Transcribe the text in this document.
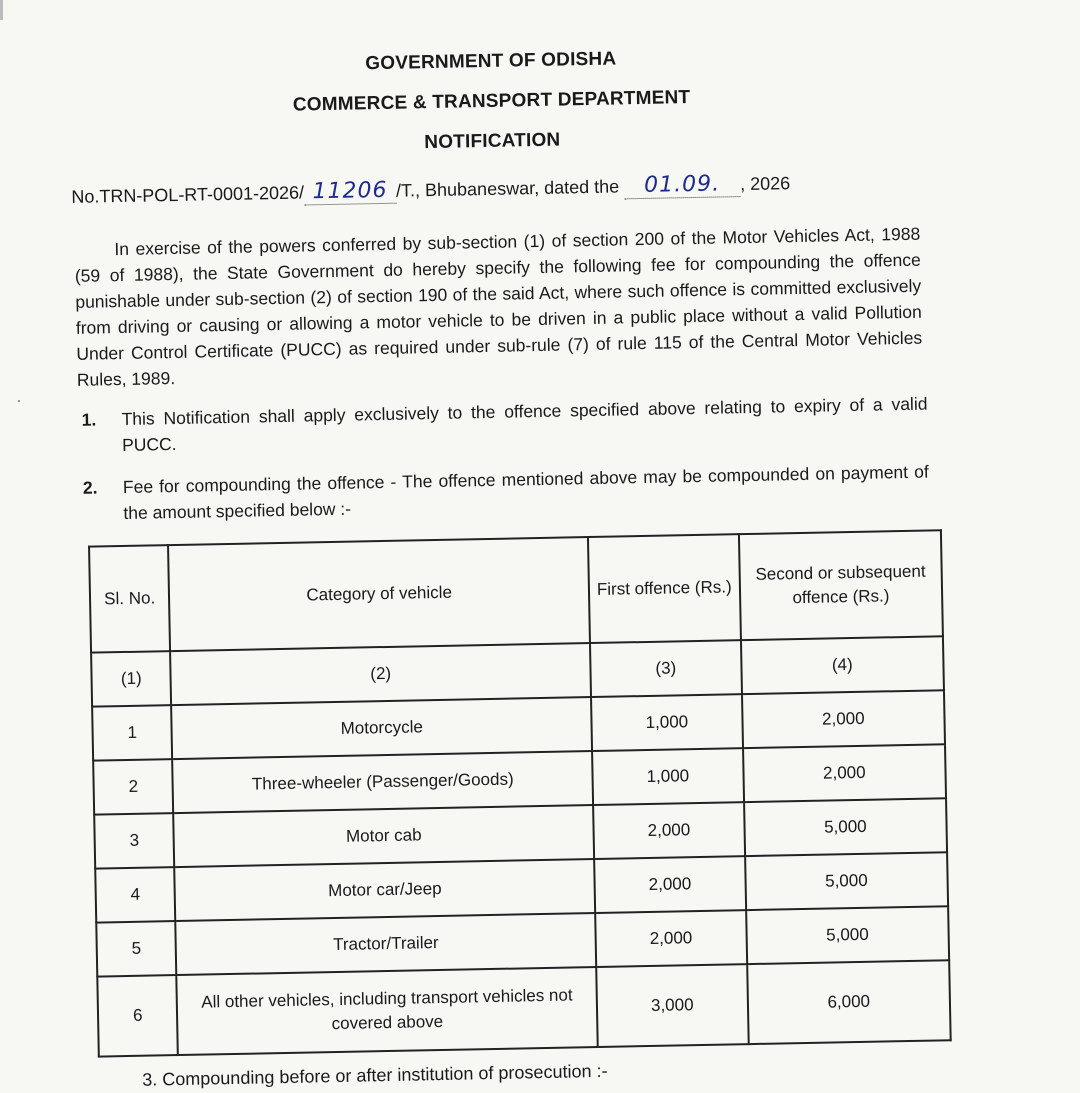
GOVERNMENT OF ODISHA
COMMERCE & TRANSPORT DEPARTMENT
NOTIFICATION
No.TRN-POL-RT-0001-2026/ 11206 /T., Bhubaneswar, dated the 01.09. , 2026
In exercise of the powers conferred by sub-section (1) of section 200 of the Motor Vehicles Act, 1988 (59 of 1988), the State Government do hereby specify the following fee for compounding the offence punishable under sub-section (2) of section 190 of the said Act, where such offence is committed exclusively from driving or causing or allowing a motor vehicle to be driven in a public place without a valid Pollution Under Control Certificate (PUCC) as required under sub-rule (7) of rule 115 of the Central Motor Vehicles Rules, 1989.
1. This Notification shall apply exclusively to the offence specified above relating to expiry of a valid PUCC.
2. Fee for compounding the offence - The offence mentioned above may be compounded on payment of the amount specified below :-
Sl. No.	Category of vehicle	First offence (Rs.)	Second or subsequent offence (Rs.)
(1)	(2)	(3)	(4)
1	Motorcycle	1,000	2,000
2	Three-wheeler (Passenger/Goods)	1,000	2,000
3	Motor cab	2,000	5,000
4	Motor car/Jeep	2,000	5,000
5	Tractor/Trailer	2,000	5,000
6	All other vehicles, including transport vehicles not covered above	3,000	6,000
3. Compounding before or after institution of prosecution :-
